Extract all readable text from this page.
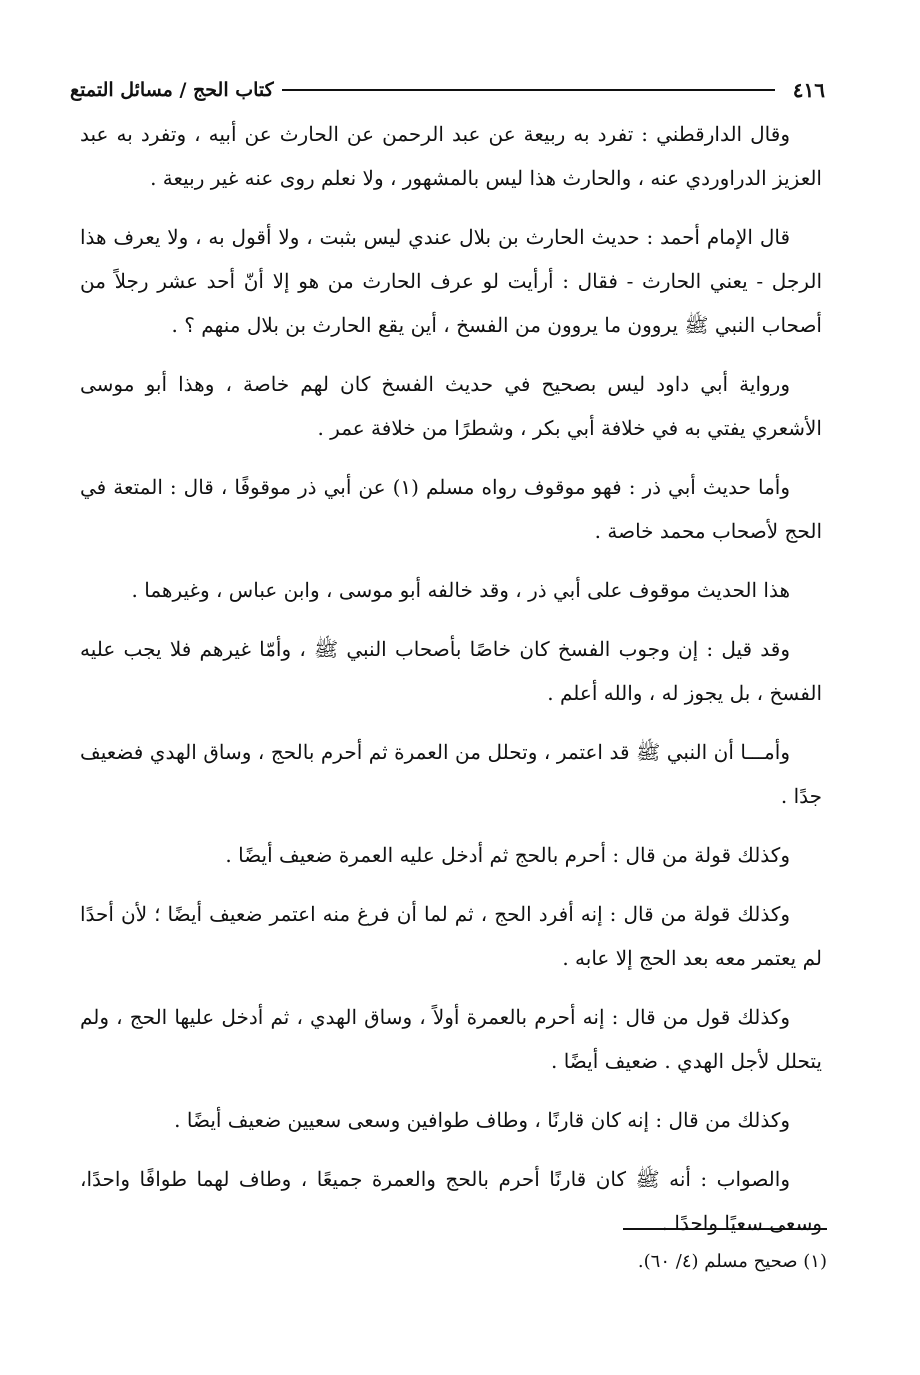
٤١٦
كتاب الحج / مسائل التمتع

وقال الدارقطني : تفرد به ربيعة عن عبد الرحمن عن الحارث عن أبيه ، وتفرد به عبد العزيز الدراوردي عنه ، والحارث هذا ليس بالمشهور ، ولا نعلم روى عنه غير ربيعة .

قال الإمام أحمد : حديث الحارث بن بلال عندي ليس بثبت ، ولا أقول به ، ولا يعرف هذا الرجل - يعني الحارث - فقال : أرأيت لو عرف الحارث من هو إلا أنّ أحد عشر رجلاً من أصحاب النبي ﷺ يروون ما يروون من الفسخ ، أين يقع الحارث بن بلال منهم ؟ .

ورواية أبي داود ليس بصحيح في حديث الفسخ كان لهم خاصة ، وهذا أبو موسى الأشعري يفتي به في خلافة أبي بكر ، وشطرًا من خلافة عمر .

وأما حديث أبي ذر : فهو موقوف رواه مسلم (١) عن أبي ذر موقوفًا ، قال : المتعة في الحج لأصحاب محمد خاصة .

هذا الحديث موقوف على أبي ذر ، وقد خالفه أبو موسى ، وابن عباس ، وغيرهما .

وقد قيل : إن وجوب الفسخ كان خاصًا بأصحاب النبي ﷺ ، وأمّا غيرهم فلا يجب عليه الفسخ ، بل يجوز له ، والله أعلم .

وأمـــا أن النبي ﷺ قد اعتمر ، وتحلل من العمرة ثم أحرم بالحج ، وساق الهدي فضعيف جدًا .

وكذلك قولة من قال : أحرم بالحج ثم أدخل عليه العمرة ضعيف أيضًا .

وكذلك قولة من قال : إنه أفرد الحج ، ثم لما أن فرغ منه اعتمر ضعيف أيضًا ؛ لأن أحدًا لم يعتمر معه بعد الحج إلا عابه .

وكذلك قول من قال : إنه أحرم بالعمرة أولاً ، وساق الهدي ، ثم أدخل عليها الحج ، ولم يتحلل لأجل الهدي . ضعيف أيضًا .

وكذلك من قال : إنه كان قارنًا ، وطاف طوافين وسعى سعيين ضعيف أيضًا .

والصواب : أنه ﷺ كان قارنًا أحرم بالحج والعمرة جميعًا ، وطاف لهما طوافًا واحدًا، وسعى سعيًا واحدًا .

(١) صحيح مسلم (٤/ ٦٠).
